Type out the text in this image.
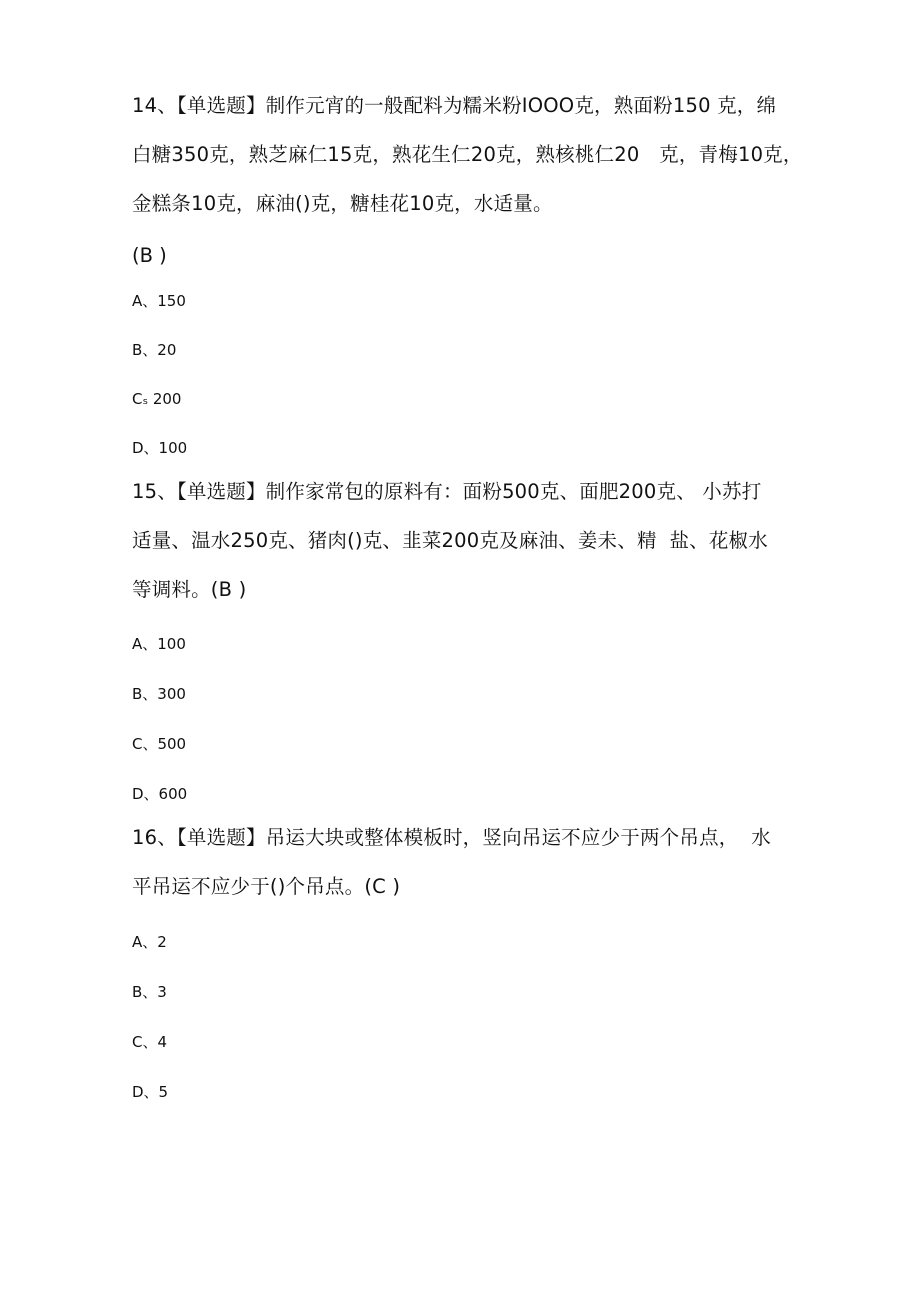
14、【单选题】制作元宵的一般配料为糯米粉IOOO克，熟面粉150 克，绵
白糖350克，熟芝麻仁15克，熟花生仁20克，熟核桃仁20　克，青梅10克，
金糕条10克，麻油()克，糖桂花10克，水适量。
(B )
A、150
B、20
Cₛ 200
D、100
15、【单选题】制作家常包的原料有：面粉500克、面肥200克、 小苏打
适量、温水250克、猪肉()克、韭菜200克及麻油、姜未、精  盐、花椒水
等调料。(B )
A、100
B、300
C、500
D、600
16、【单选题】吊运大块或整体模板时，竖向吊运不应少于两个吊点，  水
平吊运不应少于()个吊点。(C )
A、2
B、3
C、4
D、5
